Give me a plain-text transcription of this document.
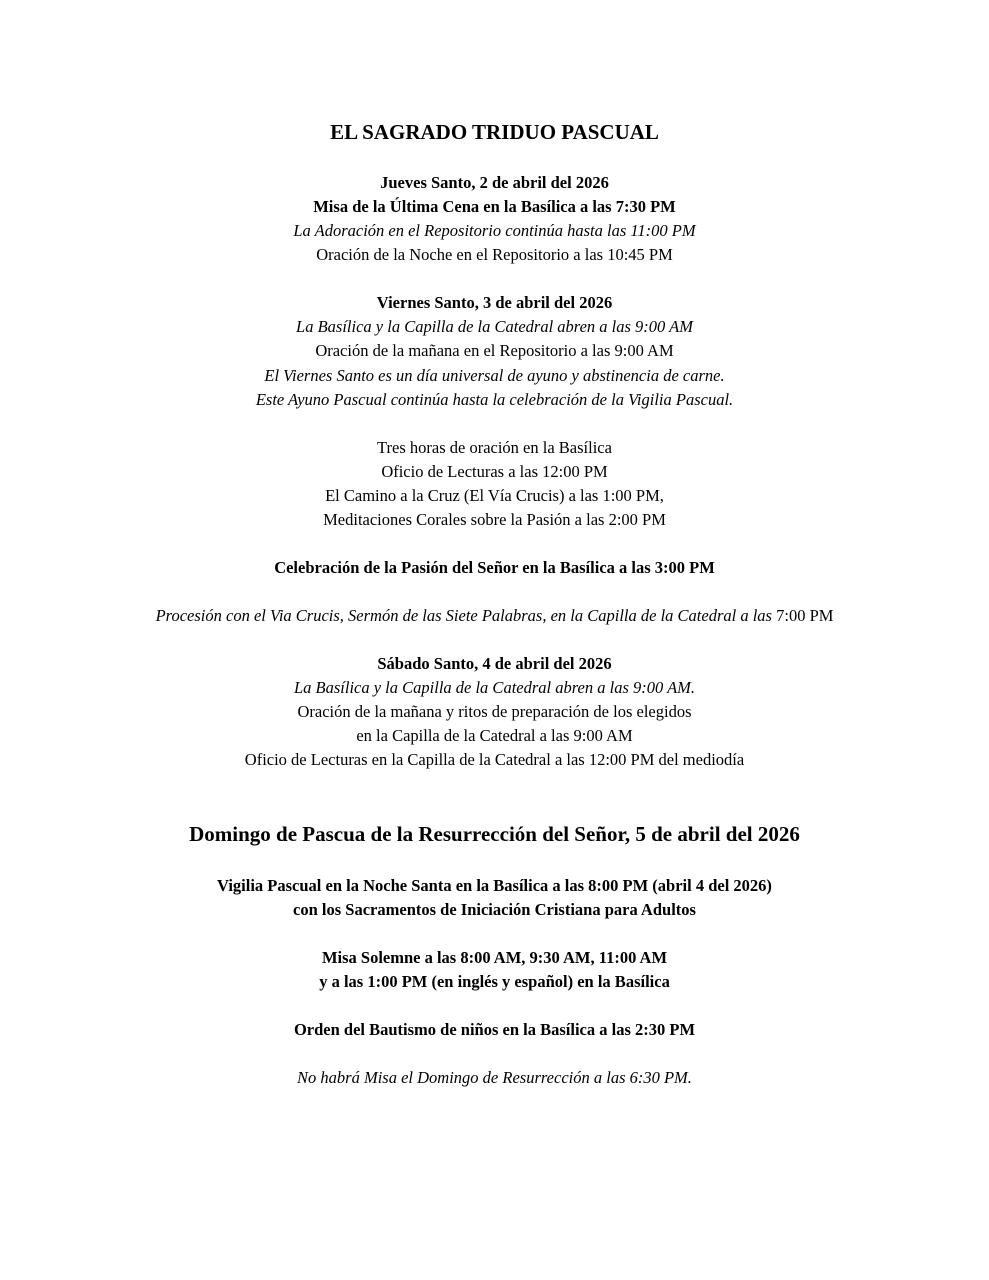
EL SAGRADO TRIDUO PASCUAL
Jueves Santo, 2 de abril del 2026
Misa de la Última Cena en la Basílica a las 7:30 PM
La Adoración en el Repositorio continúa hasta las 11:00 PM
Oración de la Noche en el Repositorio a las 10:45 PM
Viernes Santo, 3 de abril del 2026
La Basílica y la Capilla de la Catedral abren a las 9:00 AM
Oración de la mañana en el Repositorio a las 9:00 AM
El Viernes Santo es un día universal de ayuno y abstinencia de carne.
Este Ayuno Pascual continúa hasta la celebración de la Vigilia Pascual.
Tres horas de oración en la Basílica
Oficio de Lecturas a las 12:00 PM
El Camino a la Cruz (El Vía Crucis) a las 1:00 PM,
Meditaciones Corales sobre la Pasión a las 2:00 PM
Celebración de la Pasión del Señor en la Basílica a las 3:00 PM
Procesión con el Via Crucis, Sermón de las Siete Palabras, en la Capilla de la Catedral a las 7:00 PM
Sábado Santo, 4 de abril del 2026
La Basílica y la Capilla de la Catedral abren a las 9:00 AM.
Oración de la mañana y ritos de preparación de los elegidos
en la Capilla de la Catedral a las 9:00 AM
Oficio de Lecturas en la Capilla de la Catedral a las 12:00 PM del mediodía
Domingo de Pascua de la Resurrección del Señor, 5 de abril del 2026
Vigilia Pascual en la Noche Santa en la Basílica a las 8:00 PM (abril 4 del 2026)
con los Sacramentos de Iniciación Cristiana para Adultos
Misa Solemne a las 8:00 AM, 9:30 AM, 11:00 AM
y a las 1:00 PM (en inglés y español) en la Basílica
Orden del Bautismo de niños en la Basílica a las 2:30 PM
No habrá Misa el Domingo de Resurrección a las 6:30 PM.
